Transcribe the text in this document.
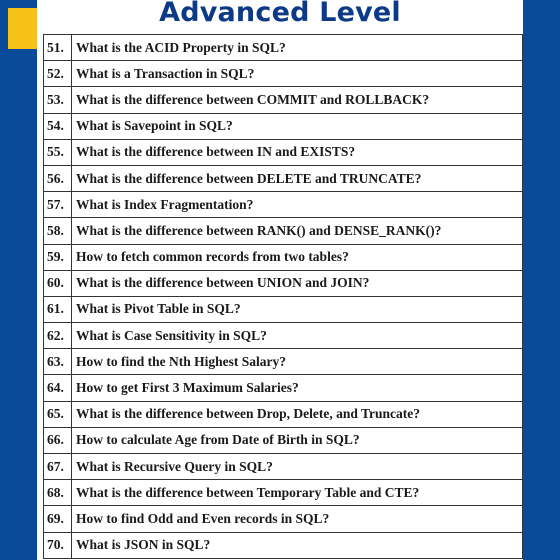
Advanced Level
51.	What is the ACID Property in SQL?
52.	What is a Transaction in SQL?
53.	What is the difference between COMMIT and ROLLBACK?
54.	What is Savepoint in SQL?
55.	What is the difference between IN and EXISTS?
56.	What is the difference between DELETE and TRUNCATE?
57.	What is Index Fragmentation?
58.	What is the difference between RANK() and DENSE_RANK()?
59.	How to fetch common records from two tables?
60.	What is the difference between UNION and JOIN?
61.	What is Pivot Table in SQL?
62.	What is Case Sensitivity in SQL?
63.	How to find the Nth Highest Salary?
64.	How to get First 3 Maximum Salaries?
65.	What is the difference between Drop, Delete, and Truncate?
66.	How to calculate Age from Date of Birth in SQL?
67.	What is Recursive Query in SQL?
68.	What is the difference between Temporary Table and CTE?
69.	How to find Odd and Even records in SQL?
70.	What is JSON in SQL?
